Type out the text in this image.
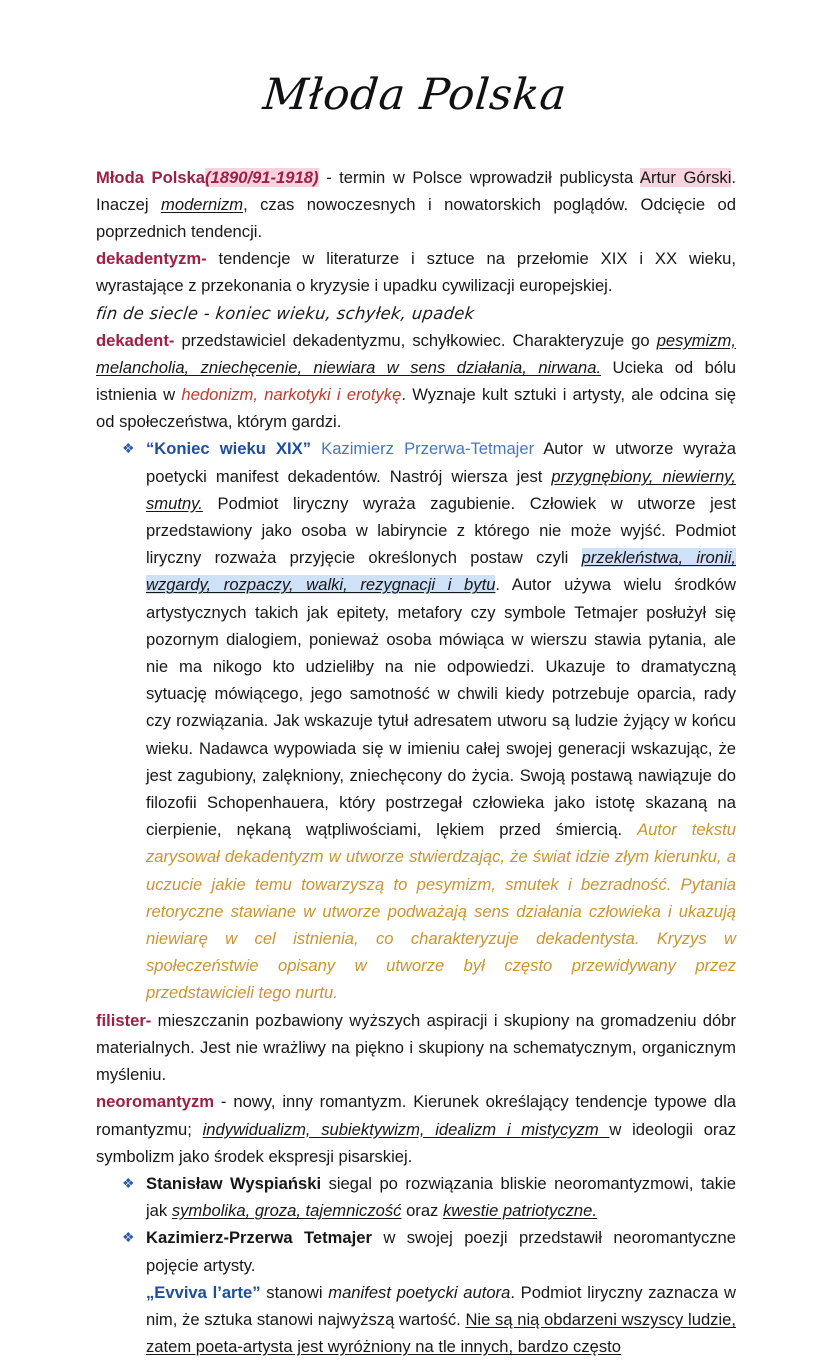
Młoda Polska

Młoda Polska(1890/91-1918) - termin w Polsce wprowadził publicysta Artur Górski. Inaczej modernizm, czas nowoczesnych i nowatorskich poglądów. Odcięcie od poprzednich tendencji.

dekadentyzm- tendencje w literaturze i sztuce na przełomie XIX i XX wieku, wyrastające z przekonania o kryzysie i upadku cywilizacji europejskiej.

fin de siecle - koniec wieku, schyłek, upadek

dekadent- przedstawiciel dekadentyzmu, schyłkowiec. Charakteryzuje go pesymizm, melancholia, zniechęcenie, niewiara w sens działania, nirwana. Ucieka od bólu istnienia w hedonizm, narkotyki i erotykę. Wyznaje kult sztuki i artysty, ale odcina się od społeczeństwa, którym gardzi.

❖ “Koniec wieku XIX” Kazimierz Przerwa-Tetmajer Autor w utworze wyraża poetycki manifest dekadentów. Nastrój wiersza jest przygnębiony, niewierny, smutny. Podmiot liryczny wyraża zagubienie. Człowiek w utworze jest przedstawiony jako osoba w labiryncie z którego nie może wyjść. Podmiot liryczny rozważa przyjęcie określonych postaw czyli przekleństwa, ironii, wzgardy, rozpaczy, walki, rezygnacji i bytu. Autor używa wielu środków artystycznych takich jak epitety, metafory czy symbole Tetmajer posłużył się pozornym dialogiem, ponieważ osoba mówiąca w wierszu stawia pytania, ale nie ma nikogo kto udzieliłby na nie odpowiedzi. Ukazuje to dramatyczną sytuację mówiącego, jego samotność w chwili kiedy potrzebuje oparcia, rady czy rozwiązania. Jak wskazuje tytuł adresatem utworu są ludzie żyjący w końcu wieku. Nadawca wypowiada się w imieniu całej swojej generacji wskazując, że jest zagubiony, zalękniony, zniechęcony do życia. Swoją postawą nawiązuje do filozofii Schopenhauera, który postrzegał człowieka jako istotę skazaną na cierpienie, nękaną wątpliwościami, lękiem przed śmiercią. Autor tekstu zarysował dekadentyzm w utworze stwierdzając, że świat idzie złym kierunku, a uczucie jakie temu towarzyszą to pesymizm, smutek i bezradność. Pytania retoryczne stawiane w utworze podważają sens działania człowieka i ukazują niewiarę w cel istnienia, co charakteryzuje dekadentysta. Kryzys w społeczeństwie opisany w utworze był często przewidywany przez przedstawicieli tego nurtu.

filister- mieszczanin pozbawiony wyższych aspiracji i skupiony na gromadzeniu dóbr materialnych. Jest nie wrażliwy na piękno i skupiony na schematycznym, organicznym myśleniu.

neoromantyzm - nowy, inny romantyzm. Kierunek określający tendencje typowe dla romantyzmu; indywidualizm, subiektywizm, idealizm i mistycyzm w ideologii oraz symbolizm jako środek ekspresji pisarskiej.

❖ Stanisław Wyspiański siegal po rozwiązania bliskie neoromantyzmowi, takie jak symbolika, groza, tajemniczość oraz kwestie patriotyczne.
❖ Kazimierz-Przerwa Tetmajer w swojej poezji przedstawił neoromantyczne pojęcie artysty.

„Evviva l’arte” stanowi manifest poetycki autora. Podmiot liryczny zaznacza w nim, że sztuka stanowi najwyższą wartość. Nie są nią obdarzeni wszyscy ludzie, zatem poeta-artysta jest wyróżniony na tle innych, bardzo często
